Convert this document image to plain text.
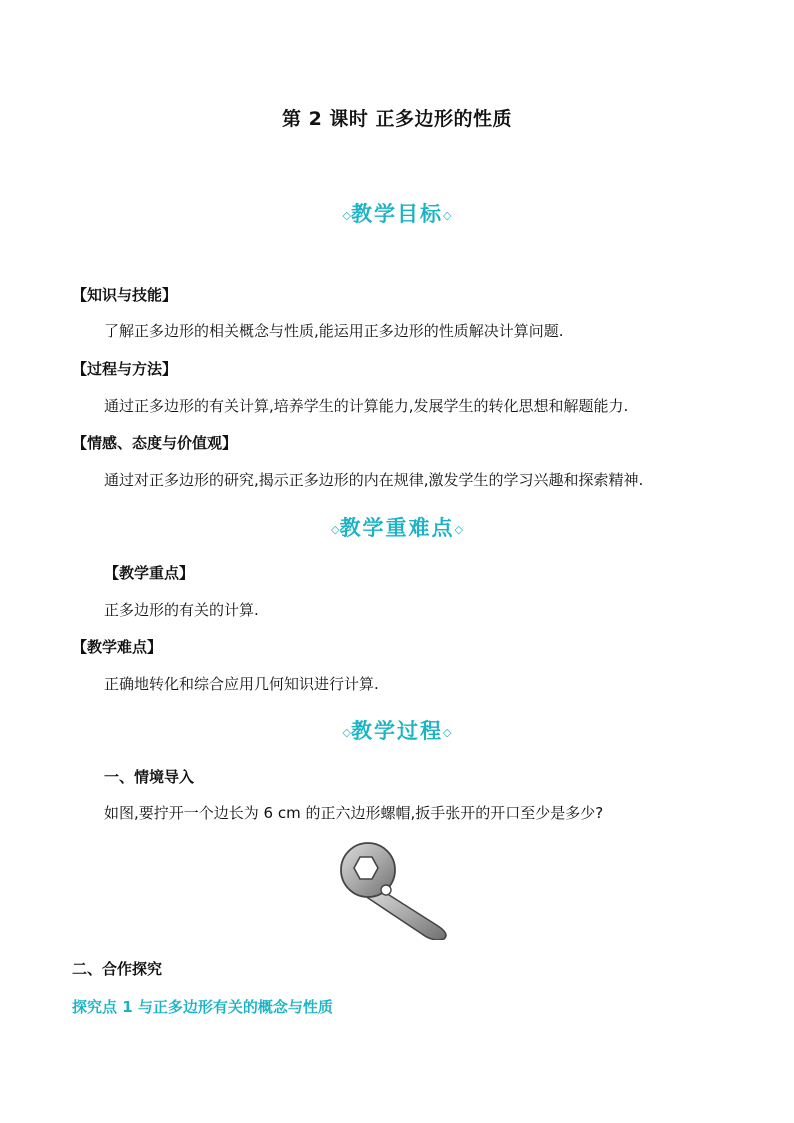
第 2 课时 正多边形的性质
◇教学目标◇
【知识与技能】
了解正多边形的相关概念与性质,能运用正多边形的性质解决计算问题.
【过程与方法】
通过正多边形的有关计算,培养学生的计算能力,发展学生的转化思想和解题能力.
【情感、态度与价值观】
通过对正多边形的研究,揭示正多边形的内在规律,激发学生的学习兴趣和探索精神.
◇教学重难点◇
【教学重点】
正多边形的有关的计算.
【教学难点】
正确地转化和综合应用几何知识进行计算.
◇教学过程◇
一、情境导入
如图,要拧开一个边长为 6 cm 的正六边形螺帽,扳手张开的开口至少是多少?
二、合作探究
探究点 1 与正多边形有关的概念与性质
